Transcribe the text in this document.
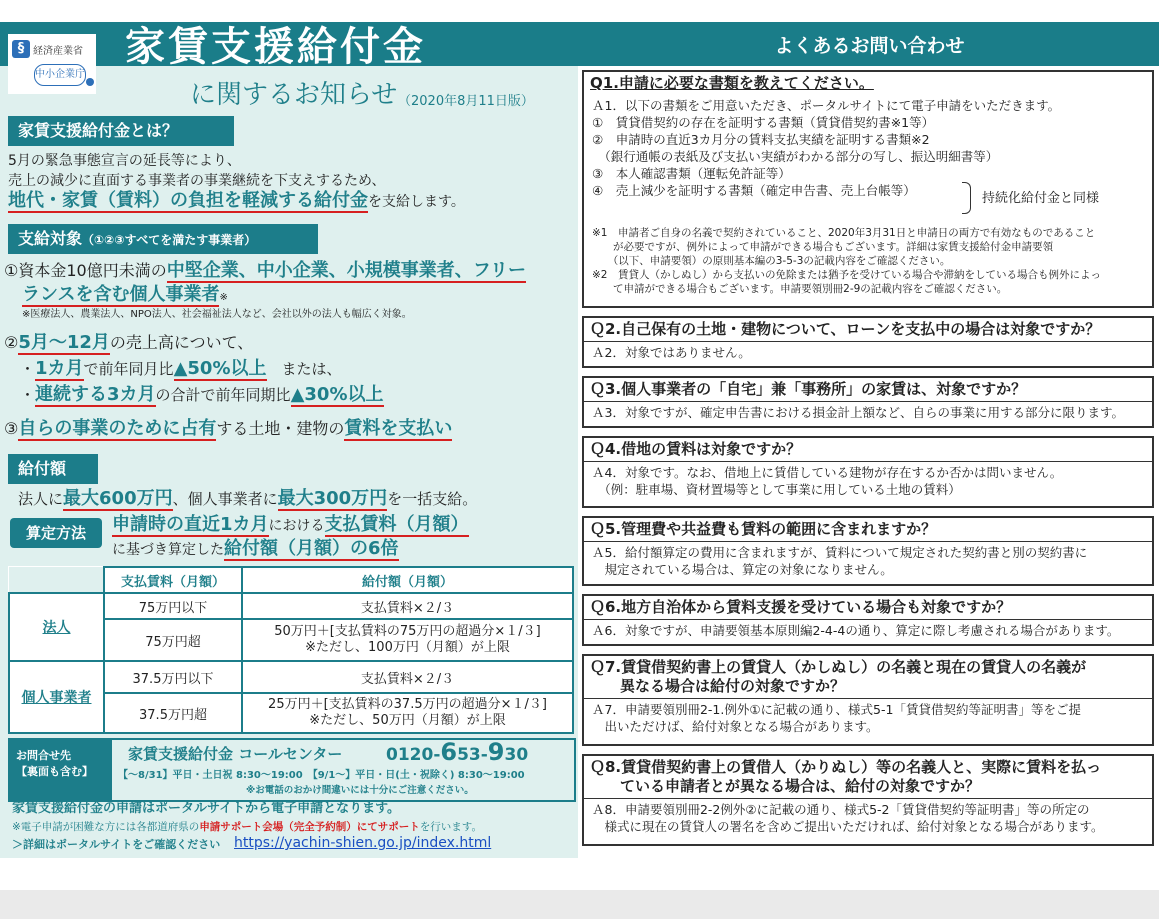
§ 経済産業省
中小企業庁
家賃支援給付金
に関するお知らせ （2020年8月11日版）
よくあるお問い合わせ
家賃支援給付金とは？
5月の緊急事態宣言の延長等により、
売上の減少に直面する事業者の事業継続を下支えするため、
地代・家賃（賃料）の負担を軽減する給付金を支給します。
支給対象（①②③すべてを満たす事業者）
①資本金10億円未満の中堅企業、中小企業、小規模事業者、フリー
ランスを含む個人事業者※
※医療法人、農業法人、NPO法人、社会福祉法人など、会社以外の法人も幅広く対象。
②5月～12月の売上高について、
・1カ月で前年同月比▲50%以上　または、
・連続する3カ月の合計で前年同期比▲30%以上
③自らの事業のために占有する土地・建物の賃料を支払い
給付額
法人に最大600万円、個人事業者に最大300万円を一括支給。
算定方法	申請時の直近1カ月における支払賃料（月額）
に基づき算定した給付額（月額）の6倍
	支払賃料（月額）	給付額（月額）
法人	75万円以下	支払賃料×２/３
	75万円超	50万円＋[支払賃料の75万円の超過分×１/３]
※ただし、100万円（月額）が上限

個人事業者	37.5万円以下	支払賃料×２/３
	37.5万円超	25万円＋[支払賃料の37.5万円の超過分×１/３]
※ただし、50万円（月額）が上限
お問合せ先
【裏面も含む】
家賃支援給付金 コールセンター	0120-653-930
【～8/31】平日・土日祝 8:30～19:00　【9/1～】平日・日(土・祝除く) 8:30～19:00
※お電話のおかけ間違いには十分にご注意ください。
家賃支援給付金の申請はポータルサイトから電子申請となります。
※電子申請が困難な方には各都道府県の申請サポート会場（完全予約制）にてサポートを行います。
＞詳細はポータルサイトをご確認ください https://yachin-shien.go.jp/index.html
Q1.申請に必要な書類を教えてください。
Ａ1．以下の書類をご用意いただき、ポータルサイトにて電子申請をいただきます。
①　賃貸借契約の存在を証明する書類（賃貸借契約書※1等）
②　申請時の直近3カ月分の賃料支払実績を証明する書類※2
　（銀行通帳の表紙及び支払い実績がわかる部分の写し、振込明細書等）
③　本人確認書類（運転免許証等）
④　売上減少を証明する書類（確定申告書、売上台帳等）
持続化給付金と同様
※1　申請者ご自身の名義で契約されていること、2020年3月31日と申請日の両方で有効なものであること
　　が必要ですが、例外によって申請ができる場合もございます。詳細は家賃支援給付金申請要領
　　（以下、申請要領）の原則基本編の3-5-3の記載内容をご確認ください。
※2　賃貸人（かしぬし）から支払いの免除または猶予を受けている場合や滞納をしている場合も例外によっ
　　て申請ができる場合もございます。申請要領別冊2-9の記載内容をご確認ください。
Ｑ2.自己保有の土地・建物について、ローンを支払中の場合は対象ですか？
Ａ2．対象ではありません。
Ｑ3.個人事業者の「自宅」兼「事務所」の家賃は、対象ですか？
Ａ3．対象ですが、確定申告書における損金計上額など、自らの事業に用する部分に限ります。
Ｑ4.借地の賃料は対象ですか？
Ａ4．対象です。なお、借地上に賃借している建物が存在するか否かは問いません。
　（例：駐車場、資材置場等として事業に用している土地の賃料）
Ｑ5.管理費や共益費も賃料の範囲に含まれますか？
Ａ5．給付額算定の費用に含まれますが、賃料について規定された契約書と別の契約書に
　規定されている場合は、算定の対象になりません。
Ｑ6.地方自治体から賃料支援を受けている場合も対象ですか？
Ａ6．対象ですが、申請要領基本原則編2-4-4の通り、算定に際し考慮される場合があります。
Ｑ7.賃貸借契約書上の賃貸人（かしぬし）の名義と現在の賃貸人の名義が
　　異なる場合は給付の対象ですか？
Ａ7．申請要領別冊2-1.例外①に記載の通り、様式5-1「賃貸借契約等証明書」等をご提
　出いただけば、給付対象となる場合があります。
Ｑ8.賃貸借契約書上の賃借人（かりぬし）等の名義人と、実際に賃料を払っ
　　ている申請者とが異なる場合は、給付の対象ですか？
Ａ8．申請要領別冊2-2例外②に記載の通り、様式5-2「賃貸借契約等証明書」等の所定の
　様式に現在の賃貸人の署名を含めご提出いただければ、給付対象となる場合があります。
